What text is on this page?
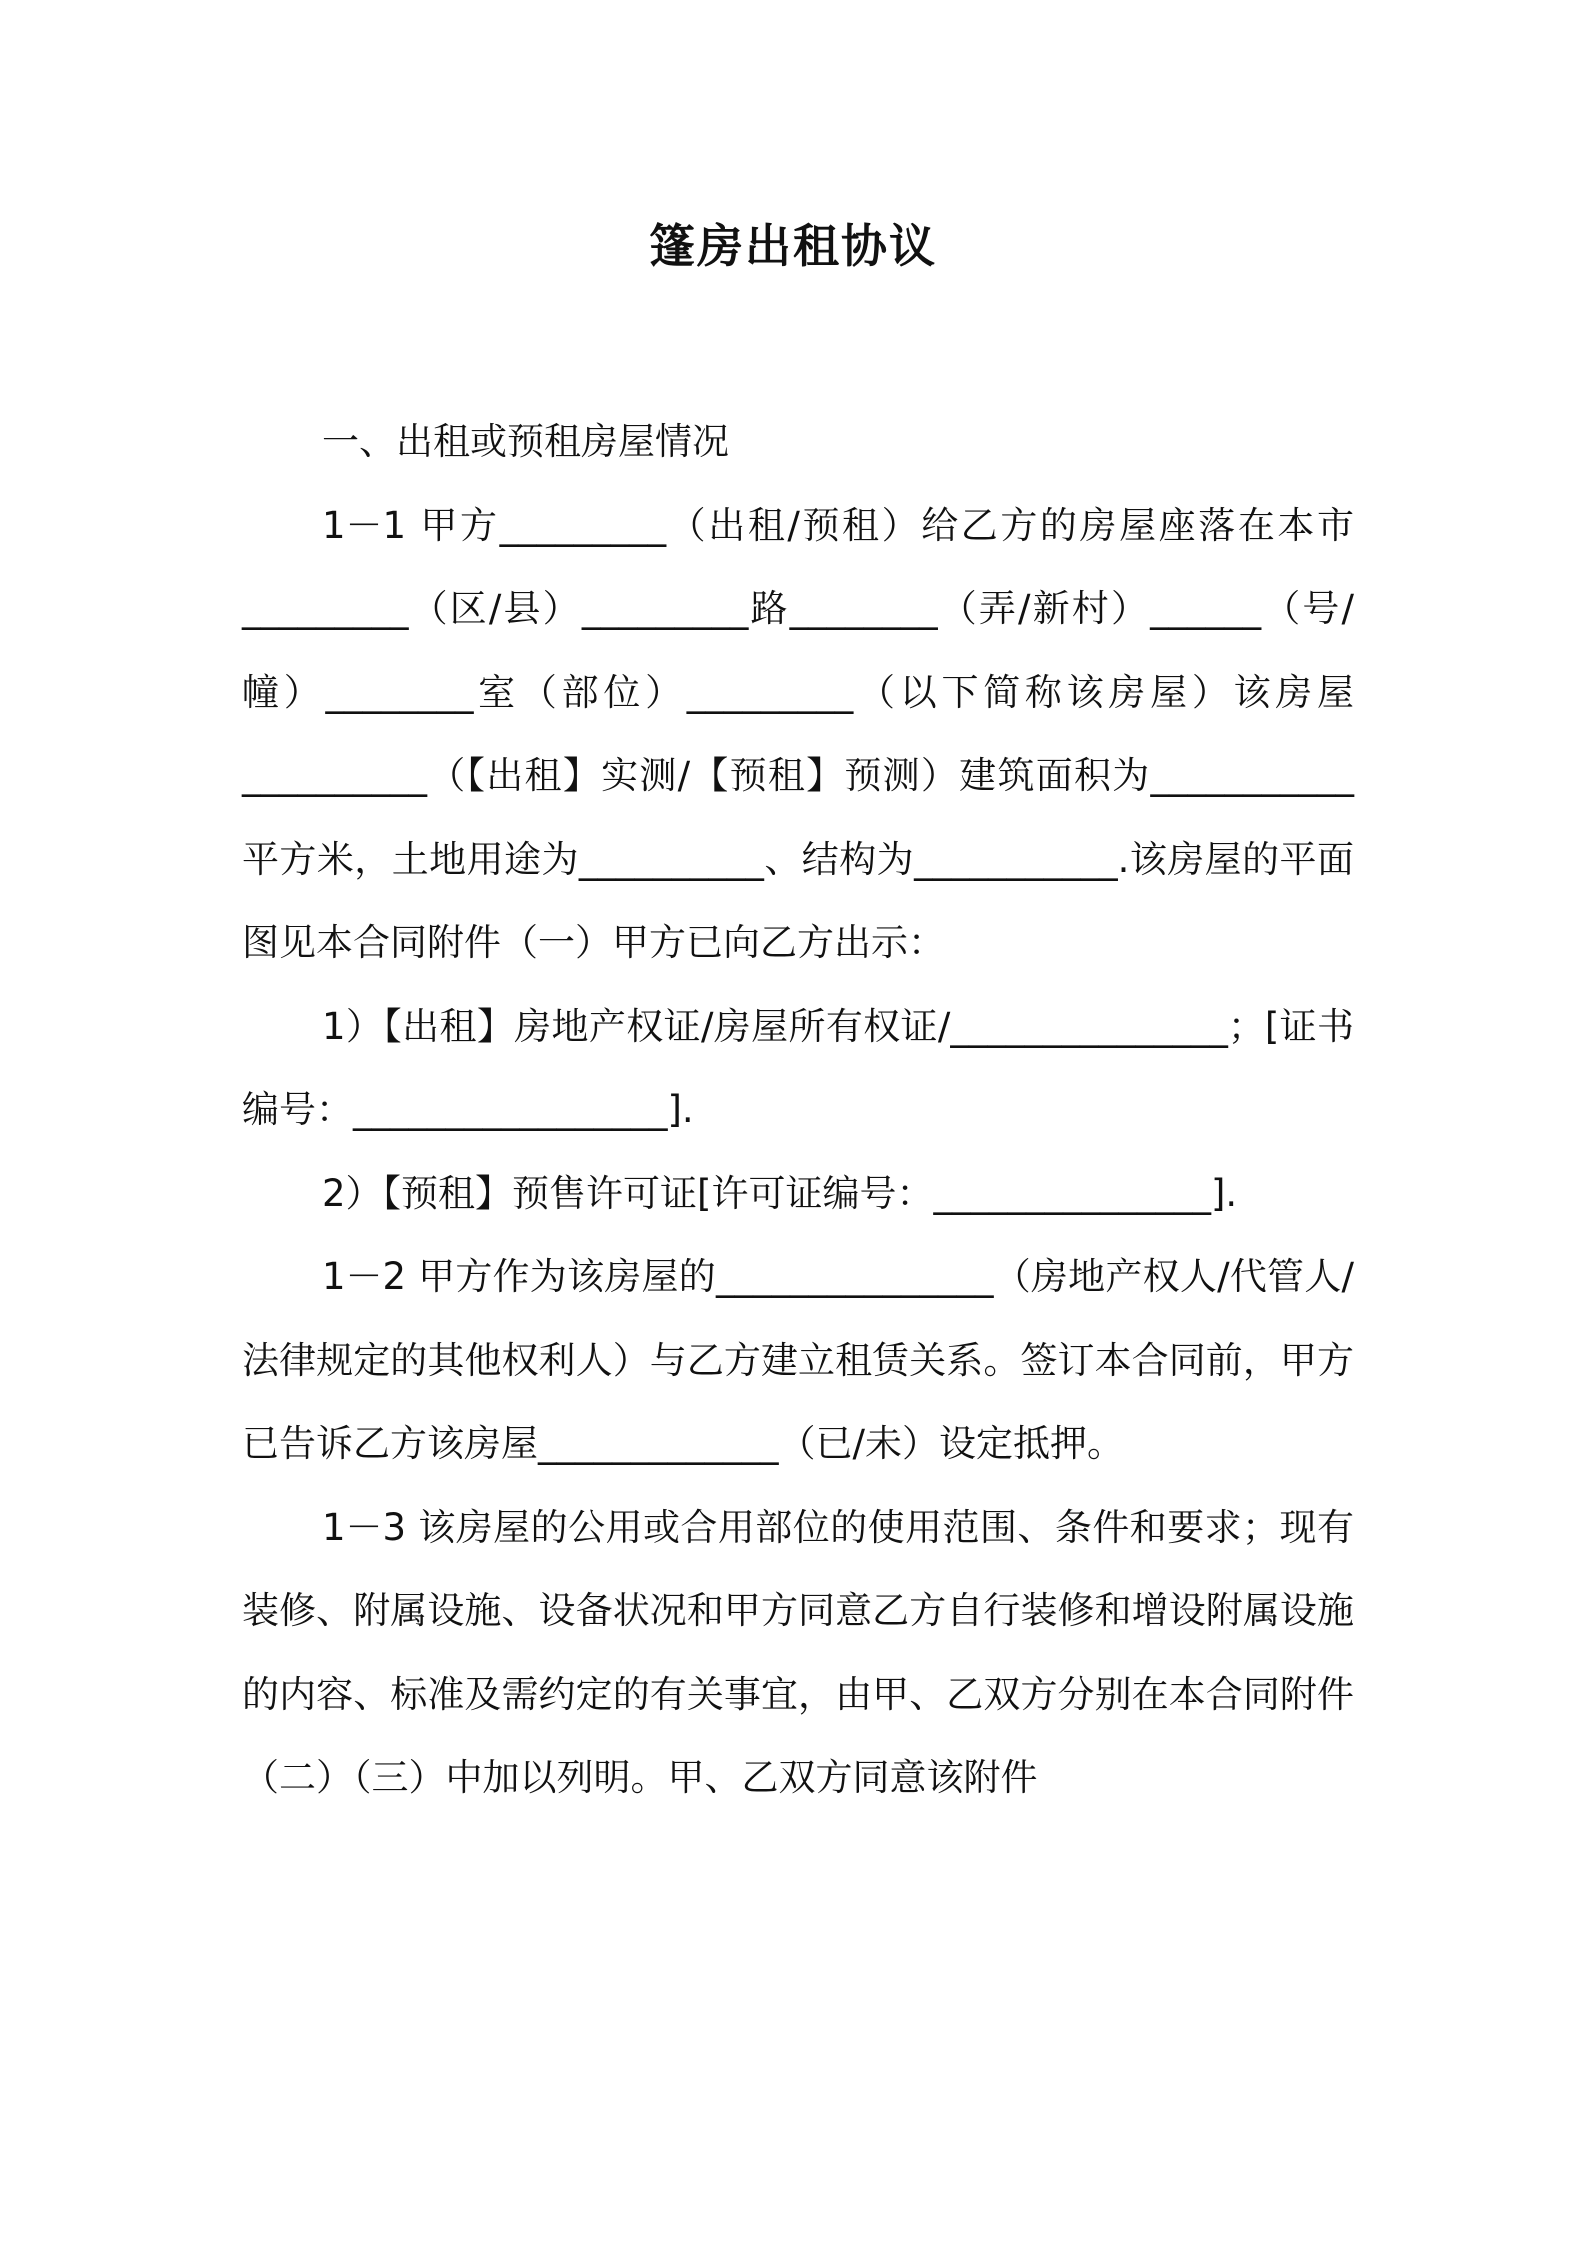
篷房出租协议

一、出租或预租房屋情况

1－1 甲方_________（出租/预租）给乙方的房屋座落在本市_________（区/县）_________路________（弄/新村）______（号/幢）________室（部位）_________（以下简称该房屋）该房屋__________（【出租】实测/【预租】预测）建筑面积为___________平方米，土地用途为__________、结构为___________.该房屋的平面图见本合同附件（一）甲方已向乙方出示：

1）【出租】房地产权证/房屋所有权证/_______________；[证书编号：_________________].

2）【预租】预售许可证[许可证编号：_______________].

1－2 甲方作为该房屋的_______________（房地产权人/代管人/法律规定的其他权利人）与乙方建立租赁关系。签订本合同前，甲方已告诉乙方该房屋_____________（已/未）设定抵押。

1－3 该房屋的公用或合用部位的使用范围、条件和要求；现有装修、附属设施、设备状况和甲方同意乙方自行装修和增设附属设施的内容、标准及需约定的有关事宜，由甲、乙双方分别在本合同附件（二）（三）中加以列明。甲、乙双方同意该附件
